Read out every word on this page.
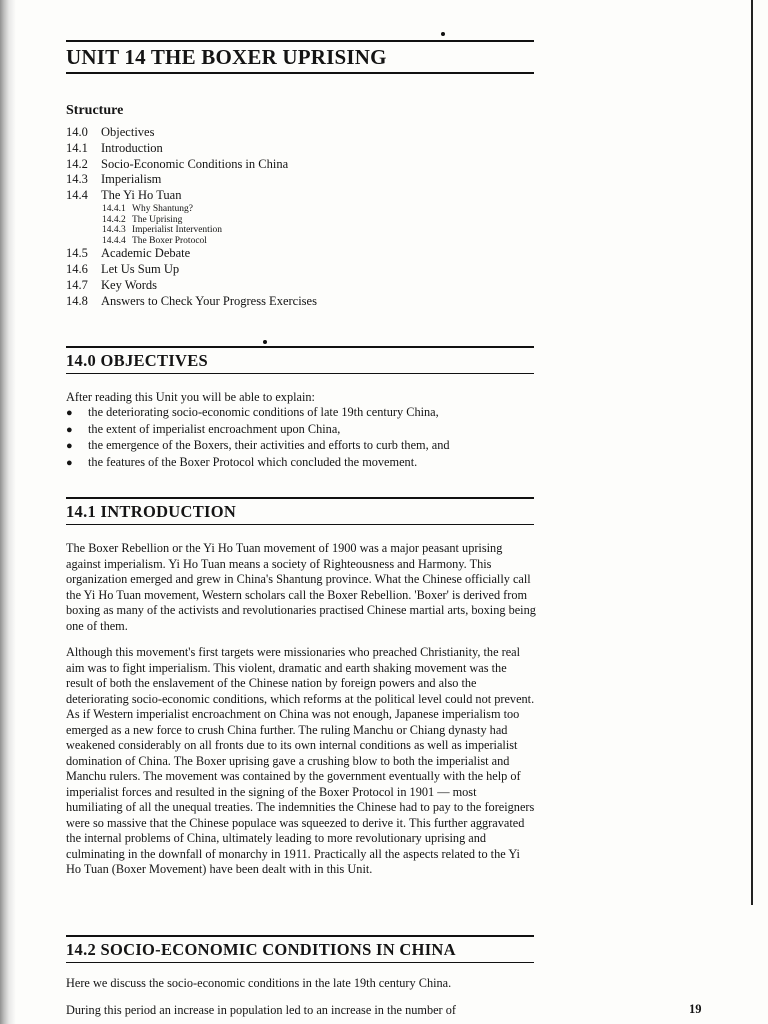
UNIT 14 THE BOXER UPRISING
Structure
14.0 Objectives
14.1 Introduction
14.2 Socio-Economic Conditions in China
14.3 Imperialism
14.4 The Yi Ho Tuan
14.4.1 Why Shantung?
14.4.2 The Uprising
14.4.3 Imperialist Intervention
14.4.4 The Boxer Protocol
14.5 Academic Debate
14.6 Let Us Sum Up
14.7 Key Words
14.8 Answers to Check Your Progress Exercises
14.0 OBJECTIVES

After reading this Unit you will be able to explain:

● the deteriorating socio-economic conditions of late 19th century China,
● the extent of imperialist encroachment upon China,
● the emergence of the Boxers, their activities and efforts to curb them, and
● the features of the Boxer Protocol which concluded the movement.
14.1 INTRODUCTION

The Boxer Rebellion or the Yi Ho Tuan movement of 1900 was a major peasant uprising against imperialism. Yi Ho Tuan means a society of Righteousness and Harmony. This organization emerged and grew in China's Shantung province. What the Chinese officially call the Yi Ho Tuan movement, Western scholars call the Boxer Rebellion. 'Boxer' is derived from boxing as many of the activists and revolutionaries practised Chinese martial arts, boxing being one of them.

Although this movement's first targets were missionaries who preached Christianity, the real aim was to fight imperialism. This violent, dramatic and earth shaking movement was the result of both the enslavement of the Chinese nation by foreign powers and also the deteriorating socio-economic conditions, which reforms at the political level could not prevent. As if Western imperialist encroachment on China was not enough, Japanese imperialism too emerged as a new force to crush China further. The ruling Manchu or Chiang dynasty had weakened considerably on all fronts due to its own internal conditions as well as imperialist domination of China. The Boxer uprising gave a crushing blow to both the imperialist and Manchu rulers. The movement was contained by the government eventually with the help of imperialist forces and resulted in the signing of the Boxer Protocol in 1901 — most humiliating of all the unequal treaties. The indemnities the Chinese had to pay to the foreigners were so massive that the Chinese populace was squeezed to derive it. This further aggravated the internal problems of China, ultimately leading to more revolutionary uprising and culminating in the downfall of monarchy in 1911. Practically all the aspects related to the Yi Ho Tuan (Boxer Movement) have been dealt with in this Unit.

14.2 SOCIO-ECONOMIC CONDITIONS IN CHINA

Here we discuss the socio-economic conditions in the late 19th century China.

During this period an increase in population led to an increase in the number of	19
